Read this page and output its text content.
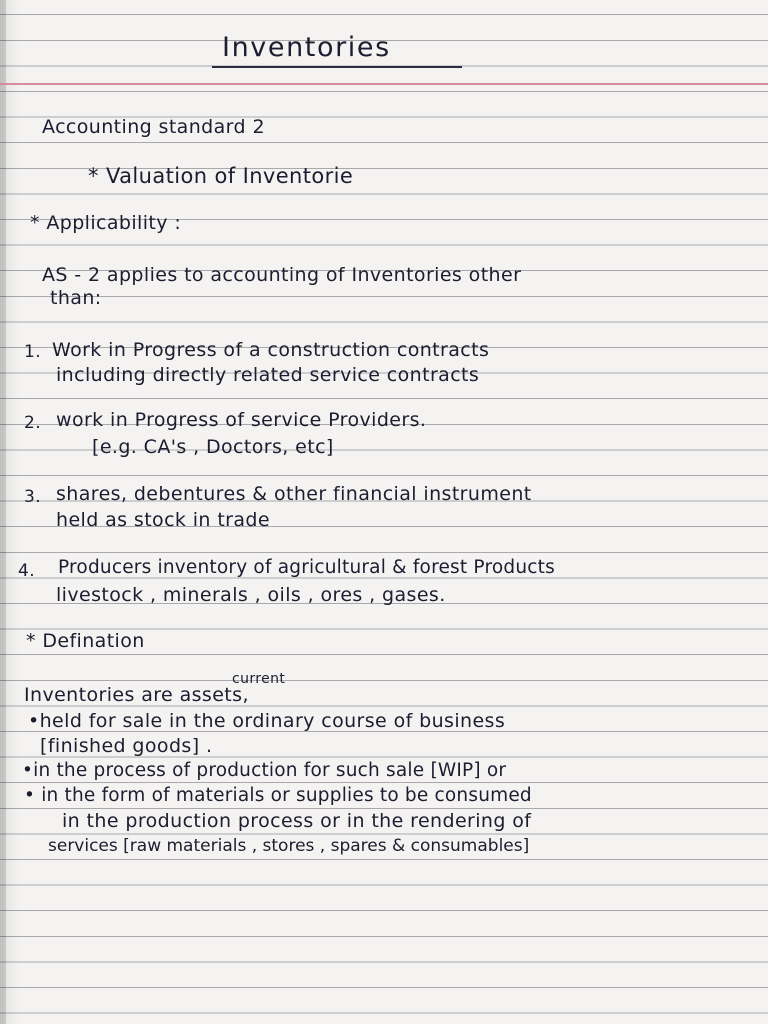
Inventories
Accounting standard 2
* Valuation of Inventorie
* Applicability :
AS - 2 applies to accounting of Inventories other
than:
1. Work in Progress of a construction contracts
including directly related service contracts
2. work in Progress of service Providers.
[e.g. CA's , Doctors, etc]
3. shares, debentures & other financial instrument
held as stock in trade
4. Producers inventory of agricultural & forest Products
livestock , minerals , oils , ores , gases.
* Defination
current
Inventories are assets,
•held for sale in the ordinary course of business
[finished goods] .
•in the process of production for such sale [WIP] or
• in the form of materials or supplies to be consumed
in the production process or in the rendering of
services [raw materials , stores , spares & consumables]
